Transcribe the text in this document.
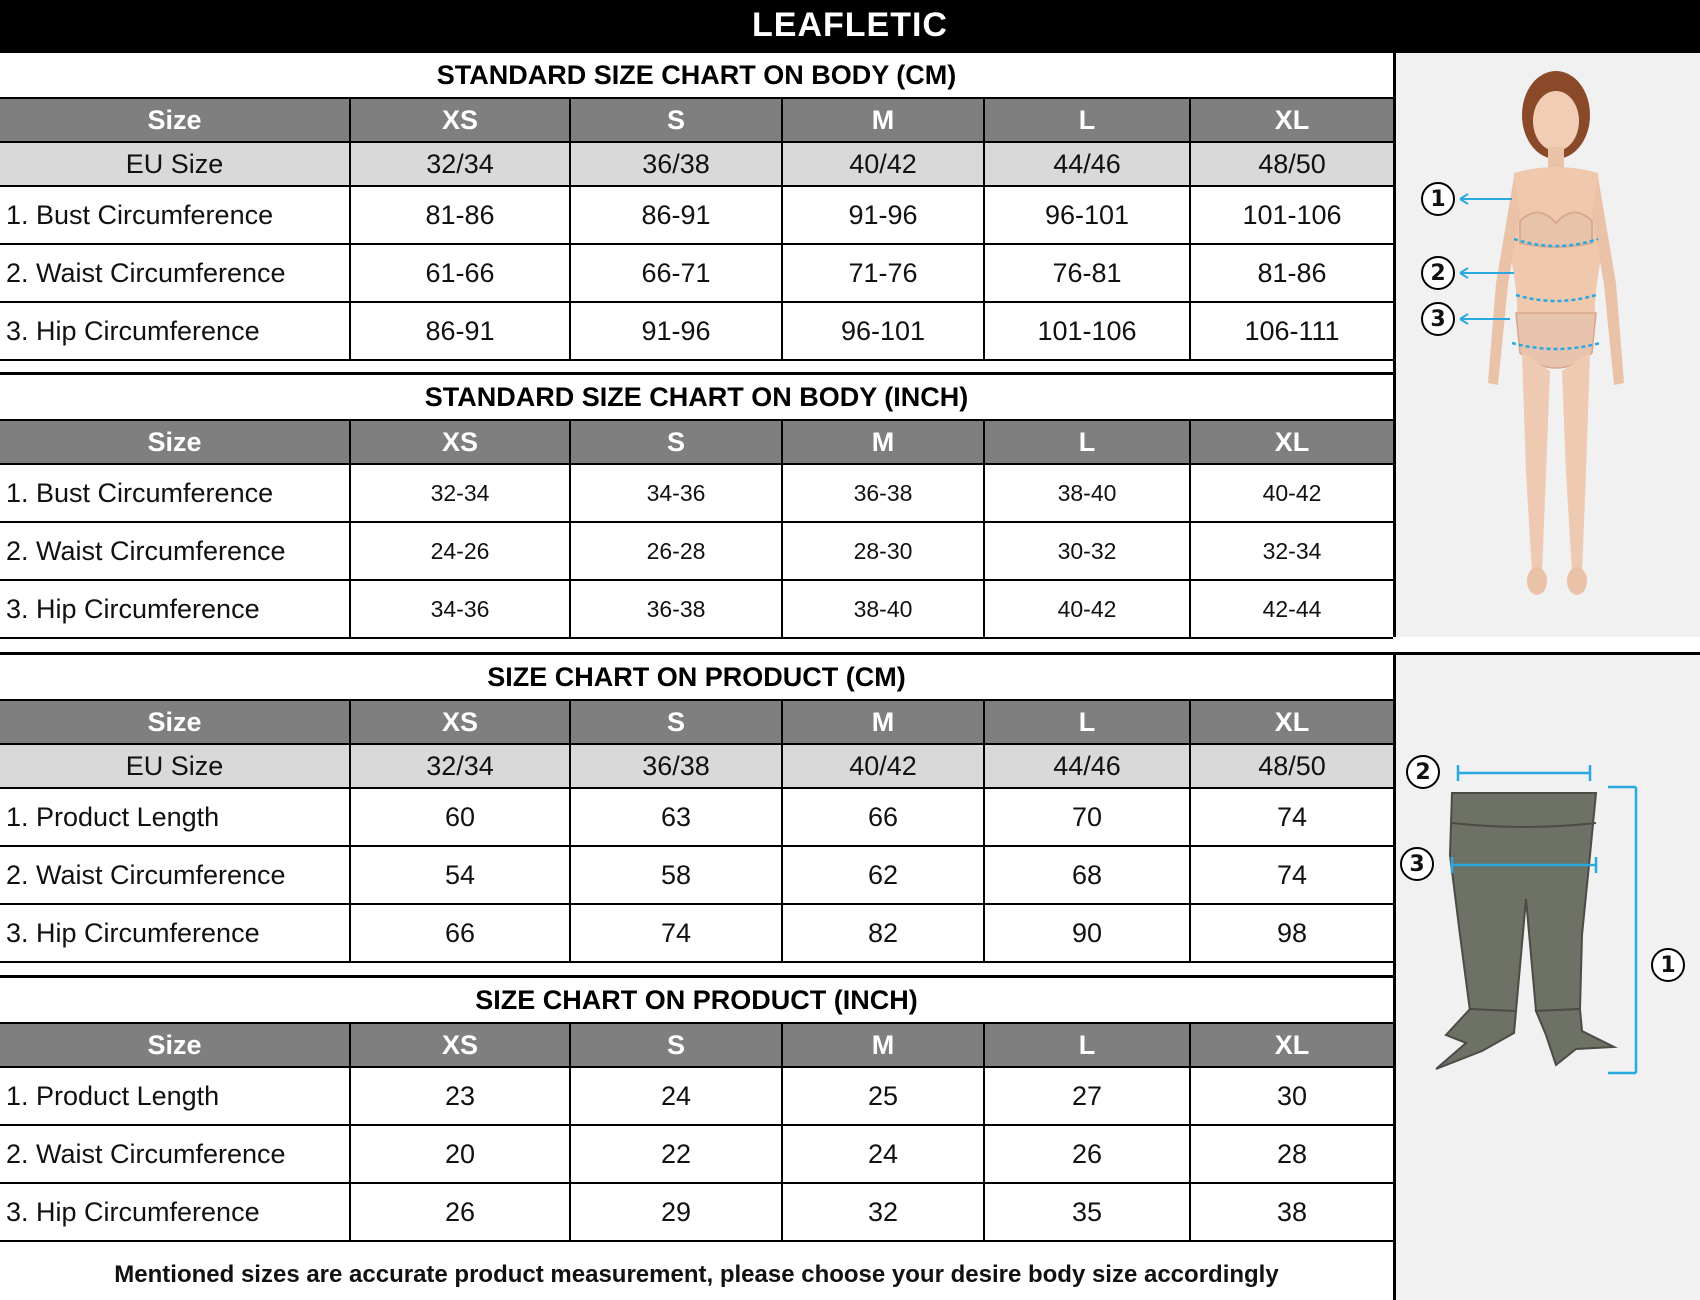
LEAFLETIC
STANDARD SIZE CHART ON BODY (CM)
Size	XS	S	M	L	XL
EU Size	32/34	36/38	40/42	44/46	48/50
1. Bust Circumference	81-86	86-91	91-96	96-101	101-106
2. Waist Circumference	61-66	66-71	71-76	76-81	81-86
3. Hip Circumference	86-91	91-96	96-101	101-106	106-111
STANDARD SIZE CHART ON BODY (INCH)
Size	XS	S	M	L	XL
1. Bust Circumference	32-34	34-36	36-38	38-40	40-42
2. Waist Circumference	24-26	26-28	28-30	30-32	32-34
3. Hip Circumference	34-36	36-38	38-40	40-42	42-44
SIZE CHART ON PRODUCT (CM)
Size	XS	S	M	L	XL
EU Size	32/34	36/38	40/42	44/46	48/50
1. Product Length	60	63	66	70	74
2. Waist Circumference	54	58	62	68	74
3. Hip Circumference	66	74	82	90	98
SIZE CHART ON PRODUCT (INCH)
Size	XS	S	M	L	XL
1. Product Length	23	24	25	27	30
2. Waist Circumference	20	22	24	26	28
3. Hip Circumference	26	29	32	35	38
Mentioned sizes are accurate product measurement, please choose your desire body size accordingly
1
2
3
2
3
1
